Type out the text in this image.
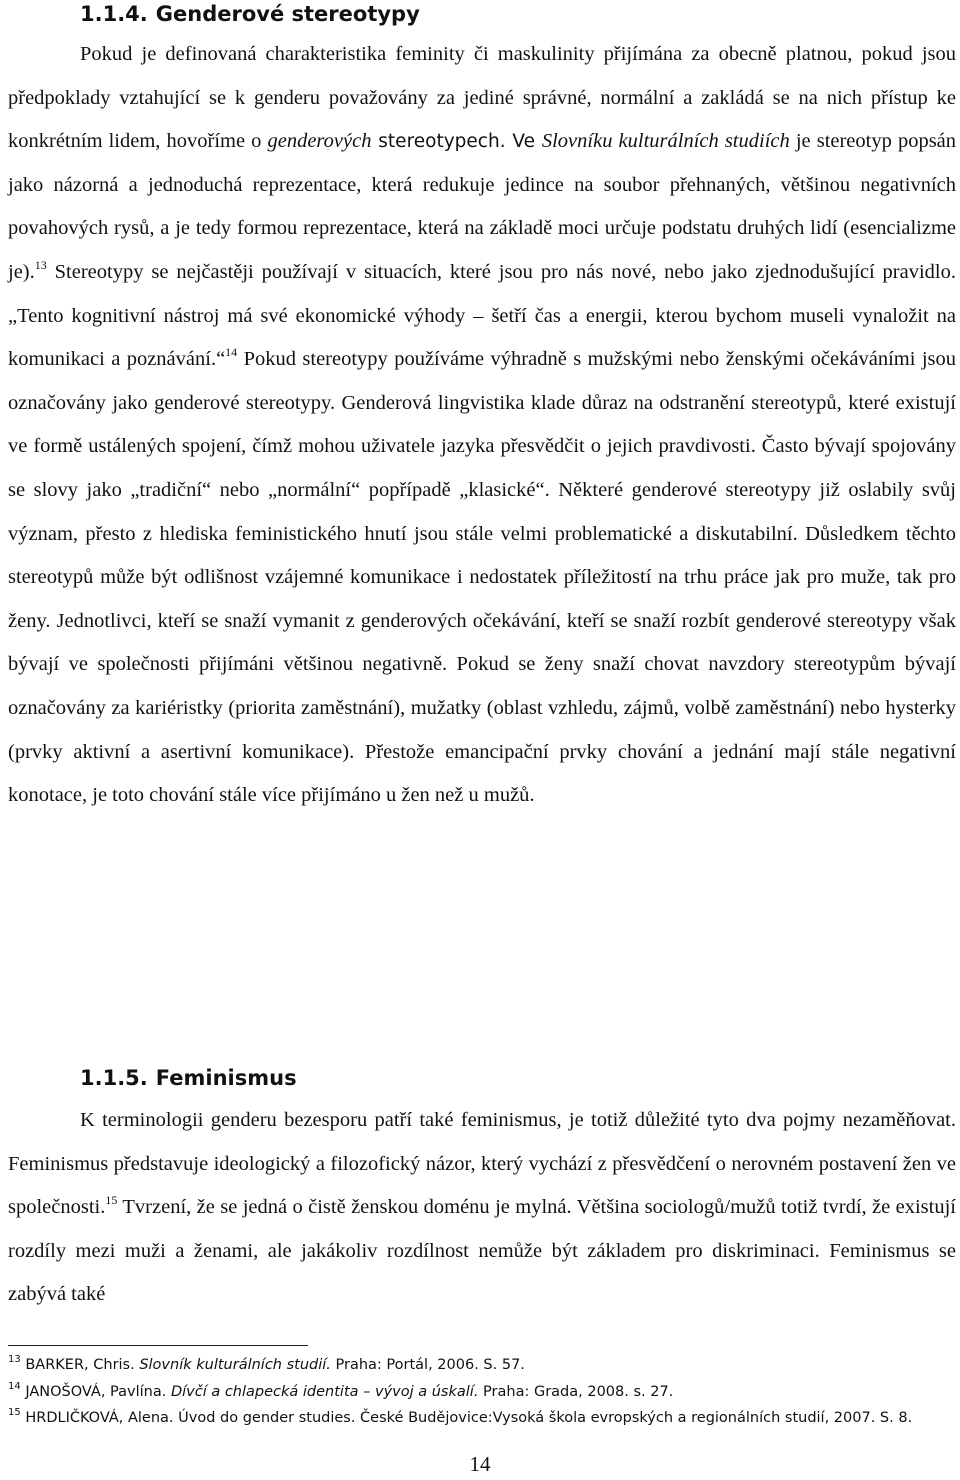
1.1.4. Genderové stereotypy

Pokud je definovaná charakteristika feminity či maskulinity přijímána za obecně platnou, pokud jsou předpoklady vztahující se k genderu považovány za jediné správné, normální a zakládá se na nich přístup ke konkrétním lidem, hovoříme o genderových stereotypech. Ve Slovníku kulturálních studiích je stereotyp popsán jako názorná a jednoduchá reprezentace, která redukuje jedince na soubor přehnaných, většinou negativních povahových rysů, a je tedy formou reprezentace, která na základě moci určuje podstatu druhých lidí (esencializme je).$^{13}$ Stereotypy se nejčastěji používají v situacích, které jsou pro nás nové, nebo jako zjednodušující pravidlo. „Tento kognitivní nástroj má své ekonomické výhody – šetří čas a energii, kterou bychom museli vynaložit na komunikaci a poznávání.“$^{14}$ Pokud stereotypy používáme výhradně s mužskými nebo ženskými očekáváními jsou označovány jako genderové stereotypy. Genderová lingvistika klade důraz na odstranění stereotypů, které existují ve formě ustálených spojení, čímž mohou uživatele jazyka přesvědčit o jejich pravdivosti. Často bývají spojovány se slovy jako „tradiční“ nebo „normální“ popřípadě „klasické“. Některé genderové stereotypy již oslabily svůj význam, přesto z hlediska feministického hnutí jsou stále velmi problematické a diskutabilní. Důsledkem těchto stereotypů může být odlišnost vzájemné komunikace i nedostatek příležitostí na trhu práce jak pro muže, tak pro ženy. Jednotlivci, kteří se snaží vymanit z genderových očekávání, kteří se snaží rozbít genderové stereotypy však bývají ve společnosti přijímáni většinou negativně. Pokud se ženy snaží chovat navzdory stereotypům bývají označovány za kariéristky (priorita zaměstnání), mužatky (oblast vzhledu, zájmů, volbě zaměstnání) nebo hysterky (prvky aktivní a asertivní komunikace). Přestože emancipační prvky chování a jednání mají stále negativní konotace, je toto chování stále více přijímáno u žen než u mužů.

1.1.5. Feminismus

K terminologii genderu bezesporu patří také feminismus, je totiž důležité tyto dva pojmy nezaměňovat. Feminismus představuje ideologický a filozofický názor, který vychází z přesvědčení o nerovném postavení žen ve společnosti.$^{15}$ Tvrzení, že se jedná o čistě ženskou doménu je mylná. Většina sociologů/mužů totiž tvrdí, že existují rozdíly mezi muži a ženami, ale jakákoliv rozdílnost nemůže být základem pro diskriminaci. Feminismus se zabývá také

$^{13}$ BARKER, Chris. Slovník kulturálních studií. Praha: Portál, 2006. S. 57.

$^{14}$ JANOŠOVÁ, Pavlína. Dívčí a chlapecká identita – vývoj a úskalí. Praha: Grada, 2008. s. 27.

$^{15}$ HRDLIČKOVÁ, Alena. Úvod do gender studies. České Budějovice:Vysoká škola evropských a regionálních studií, 2007. S. 8.

14
